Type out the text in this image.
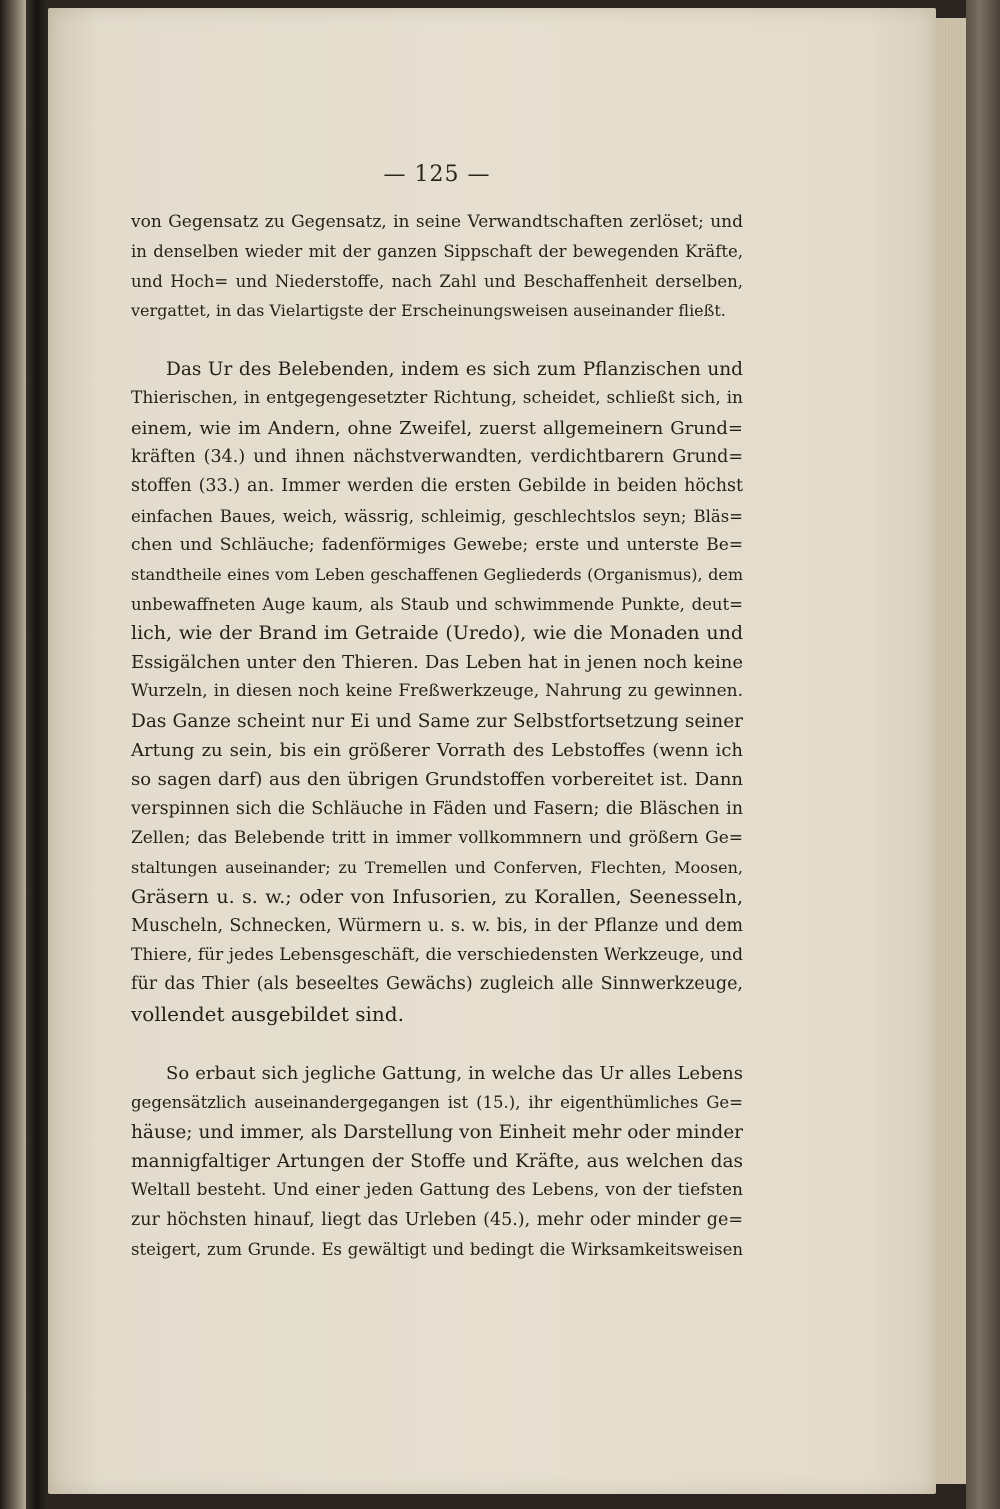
— 125 —
von Gegensatz zu Gegensatz, in seine Verwandtschaften zerlöset; und
in denselben wieder mit der ganzen Sippschaft der bewegenden Kräfte,
und Hoch= und Niederstoffe, nach Zahl und Beschaffenheit derselben,
vergattet, in das Vielartigste der Erscheinungsweisen auseinander fließt.
Das Ur des Belebenden, indem es sich zum Pflanzischen und
Thierischen, in entgegengesetzter Richtung, scheidet, schließt sich, in
einem, wie im Andern, ohne Zweifel, zuerst allgemeinern Grund=
kräften (34.) und ihnen nächstverwandten, verdichtbarern Grund=
stoffen (33.) an. Immer werden die ersten Gebilde in beiden höchst
einfachen Baues, weich, wässrig, schleimig, geschlechtslos seyn; Bläs=
chen und Schläuche; fadenförmiges Gewebe; erste und unterste Be=
standtheile eines vom Leben geschaffenen Gegliederds (Organismus), dem
unbewaffneten Auge kaum, als Staub und schwimmende Punkte, deut=
lich, wie der Brand im Getraide (Uredo), wie die Monaden und
Essigälchen unter den Thieren. Das Leben hat in jenen noch keine
Wurzeln, in diesen noch keine Freßwerkzeuge, Nahrung zu gewinnen.
Das Ganze scheint nur Ei und Same zur Selbstfortsetzung seiner
Artung zu sein, bis ein größerer Vorrath des Lebstoffes (wenn ich
so sagen darf) aus den übrigen Grundstoffen vorbereitet ist. Dann
verspinnen sich die Schläuche in Fäden und Fasern; die Bläschen in
Zellen; das Belebende tritt in immer vollkommnern und größern Ge=
staltungen auseinander; zu Tremellen und Conferven, Flechten, Moosen,
Gräsern u. s. w.; oder von Infusorien, zu Korallen, Seenesseln,
Muscheln, Schnecken, Würmern u. s. w. bis, in der Pflanze und dem
Thiere, für jedes Lebensgeschäft, die verschiedensten Werkzeuge, und
für das Thier (als beseeltes Gewächs) zugleich alle Sinnwerkzeuge,
vollendet ausgebildet sind.
So erbaut sich jegliche Gattung, in welche das Ur alles Lebens
gegensätzlich auseinandergegangen ist (15.), ihr eigenthümliches Ge=
häuse; und immer, als Darstellung von Einheit mehr oder minder
mannigfaltiger Artungen der Stoffe und Kräfte, aus welchen das
Weltall besteht. Und einer jeden Gattung des Lebens, von der tiefsten
zur höchsten hinauf, liegt das Urleben (45.), mehr oder minder ge=
steigert, zum Grunde. Es gewältigt und bedingt die Wirksamkeitsweisen
